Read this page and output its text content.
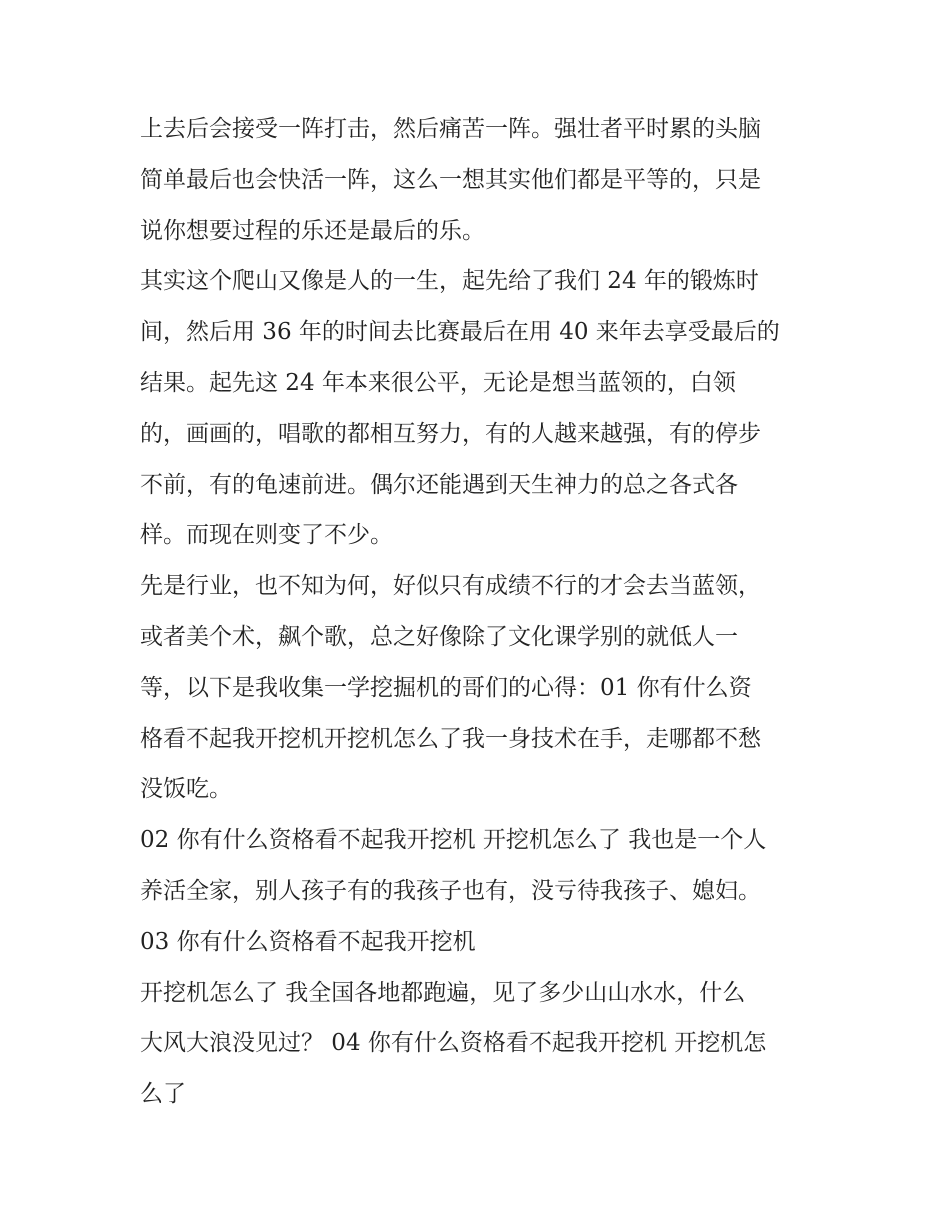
上去后会接受一阵打击，然后痛苦一阵。强壮者平时累的头脑
简单最后也会快活一阵，这么一想其实他们都是平等的，只是
说你想要过程的乐还是最后的乐。
其实这个爬山又像是人的一生，起先给了我们 24 年的锻炼时
间，然后用 36 年的时间去比赛最后在用 40 来年去享受最后的
结果。起先这 24 年本来很公平，无论是想当蓝领的，白领
的，画画的，唱歌的都相互努力，有的人越来越强，有的停步
不前，有的龟速前进。偶尔还能遇到天生神力的总之各式各
样。而现在则变了不少。
先是行业，也不知为何，好似只有成绩不行的才会去当蓝领，
或者美个术，飙个歌，总之好像除了文化课学别的就低人一
等，以下是我收集一学挖掘机的哥们的心得：01 你有什么资
格看不起我开挖机开挖机怎么了我一身技术在手，走哪都不愁
没饭吃。
02 你有什么资格看不起我开挖机 开挖机怎么了 我也是一个人
养活全家，别人孩子有的我孩子也有，没亏待我孩子、媳妇。
03 你有什么资格看不起我开挖机
开挖机怎么了 我全国各地都跑遍，见了多少山山水水，什么
大风大浪没见过？ 04 你有什么资格看不起我开挖机 开挖机怎
么了
